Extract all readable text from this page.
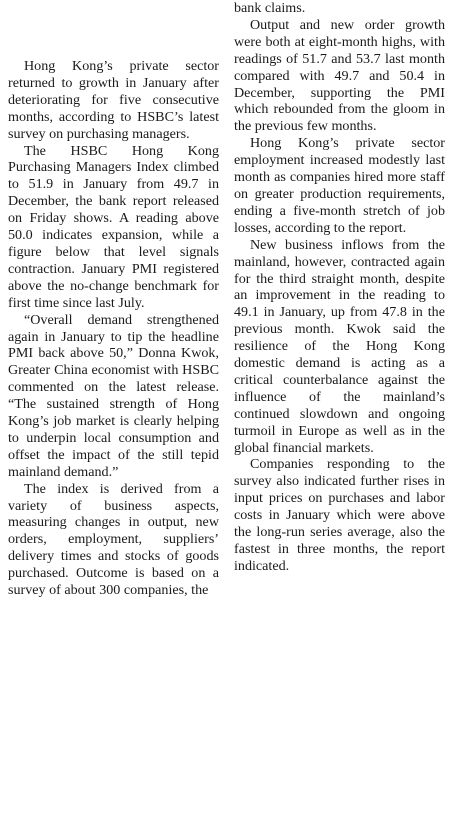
Hong Kong’s private sector returned to growth in January after deteriorating for five consecutive months, according to HSBC’s latest survey on purchasing managers.

The HSBC Hong Kong Purchasing Managers Index climbed to 51.9 in January from 49.7 in December, the bank report released on Friday shows. A reading above 50.0 indicates expansion, while a figure below that level signals contraction. January PMI registered above the no-change benchmark for first time since last July.

“Overall demand strengthened again in January to tip the headline PMI back above 50,” Donna Kwok, Greater China economist with HSBC commented on the latest release. “The sustained strength of Hong Kong’s job market is clearly helping to underpin local consumption and offset the impact of the still tepid mainland demand.”

The index is derived from a variety of business aspects, measuring changes in output, new orders, employment, suppliers’ delivery times and stocks of goods purchased. Outcome is based on a survey of about 300 companies, the

bank claims.

Output and new order growth were both at eight-month highs, with readings of 51.7 and 53.7 last month compared with 49.7 and 50.4 in December, supporting the PMI which rebounded from the gloom in the previous few months.

Hong Kong’s private sector employment increased modestly last month as companies hired more staff on greater production requirements, ending a five-month stretch of job losses, according to the report.

New business inflows from the mainland, however, contracted again for the third straight month, despite an improvement in the reading to 49.1 in January, up from 47.8 in the previous month. Kwok said the resilience of the Hong Kong domestic demand is acting as a critical counterbalance against the influence of the mainland’s continued slowdown and ongoing turmoil in Europe as well as in the global financial markets.

Companies responding to the survey also indicated further rises in input prices on purchases and labor costs in January which were above the long-run series average, also the fastest in three months, the report indicated.
